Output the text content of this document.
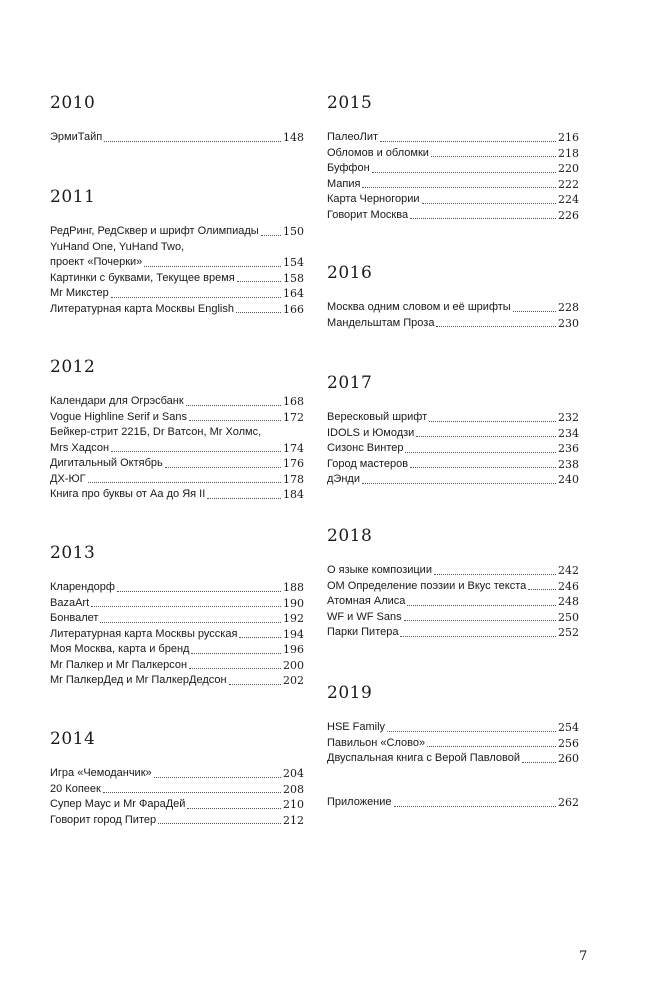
2010
ЭрмиТайп	148
2011
РедРинг, РедСквер и шрифт Олимпиады 150
YuHand One, YuHand Two,
проект «Почерки»	154
Картинки с буквами, Текущее время	158
Mr Микстер	164
Литературная карта Москвы English	166
2012
Календари для Огрэсбанк	168
Vogue Highline Serif и Sans	172
Бейкер-стрит 221Б, Dr Ватсон, Mr Холмс,
Mrs Хадсон	174
Дигитальный Октябрь	176
ДХ-ЮГ	178
Книга про буквы от Аа до Яя II	184
2013
Кларендорф	188
BazaArt	190
Бонвалет	192
Литературная карта Москвы русская	194
Моя Москва, карта и бренд	196
Mr Палкер и Mr Палкерсон	200
Mr ПалкерДед и Mr ПалкерДедсон	202
2014
Игра «Чемоданчик»	204
20 Копеек	208
Супер Маус и Mr ФараДей	210
Говорит город Питер	212
2015
ПалеоЛит	216
Обломов и обломки	218
Буффон	220
Мапия	222
Карта Черногории	224
Говорит Москва	226
2016
Москва одним словом и её шрифты	228
Мандельштам Проза	230
2017
Вересковый шрифт	232
IDOLS и Юмодзи	234
Сизонс Винтер	236
Город мастеров	238
дЭнди	240
2018
О языке композиции	242
ОМ Определение поэзии и Вкус текста	246
Атомная Алиса	248
WF и WF Sans	250
Парки Питера	252
2019
HSE Family	254
Павильон «Слово»	256
Двуспальная книга с Верой Павловой	260
Приложение	262
7
